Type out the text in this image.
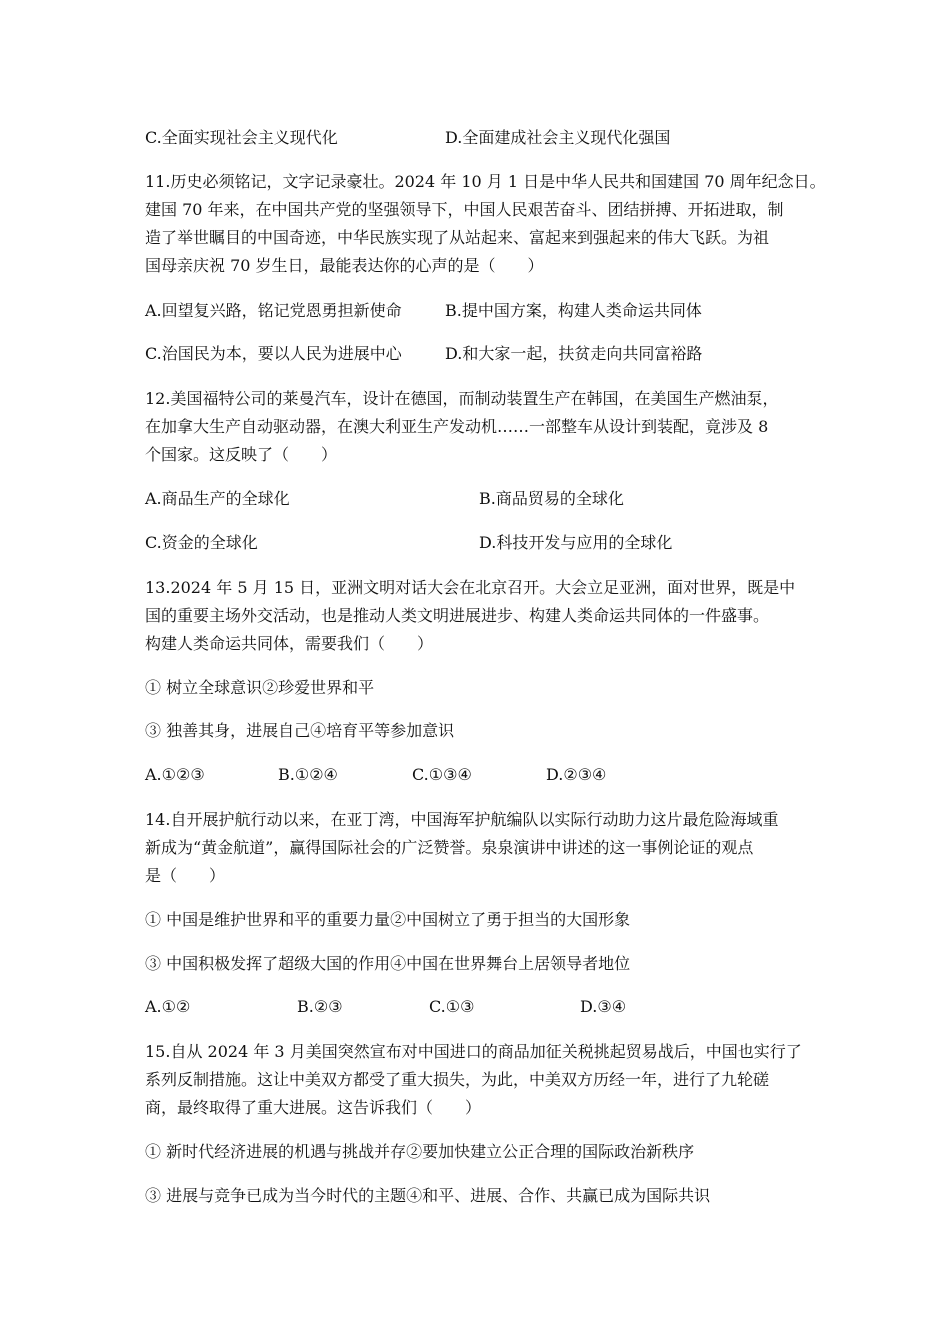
C.全面实现社会主义现代化	D.全面建成社会主义现代化强国
11.历史必须铭记，文字记录豪壮。2024 年 10 月 1 日是中华人民共和国建国 70 周年纪念日。
建国 70 年来，在中国共产党的坚强领导下，中国人民艰苦奋斗、团结拼搏、开拓进取，制
造了举世瞩目的中国奇迹，中华民族实现了从站起来、富起来到强起来的伟大飞跃。为祖
国母亲庆祝 70 岁生日，最能表达你的心声的是（　　）
A.回望复兴路，铭记党恩勇担新使命	B.提中国方案，构建人类命运共同体
C.治国民为本，要以人民为进展中心	D.和大家一起，扶贫走向共同富裕路
12.美国福特公司的莱曼汽车，设计在德国，而制动装置生产在韩国，在美国生产燃油泵，
在加拿大生产自动驱动器，在澳大利亚生产发动机……一部整车从设计到装配，竟涉及 8
个国家。这反映了（　　）
A.商品生产的全球化	B.商品贸易的全球化
C.资金的全球化	D.科技开发与应用的全球化
13.2024 年 5 月 15 日，亚洲文明对话大会在北京召开。大会立足亚洲，面对世界，既是中
国的重要主场外交活动，也是推动人类文明进展进步、构建人类命运共同体的一件盛事。
构建人类命运共同体，需要我们（　　）
① 树立全球意识②珍爱世界和平
③ 独善其身，进展自己④培育平等参加意识
A.①②③	B.①②④	C.①③④	D.②③④
14.自开展护航行动以来，在亚丁湾，中国海军护航编队以实际行动助力这片最危险海域重
新成为“黄金航道”，赢得国际社会的广泛赞誉。泉泉演讲中讲述的这一事例论证的观点
是（　　）
① 中国是维护世界和平的重要力量②中国树立了勇于担当的大国形象
③ 中国积极发挥了超级大国的作用④中国在世界舞台上居领导者地位
A.①②	B.②③	C.①③	D.③④
15.自从 2024 年 3 月美国突然宣布对中国进口的商品加征关税挑起贸易战后，中国也实行了
系列反制措施。这让中美双方都受了重大损失，为此，中美双方历经一年，进行了九轮磋
商，最终取得了重大进展。这告诉我们（　　）
① 新时代经济进展的机遇与挑战并存②要加快建立公正合理的国际政治新秩序
③ 进展与竞争已成为当今时代的主题④和平、进展、合作、共赢已成为国际共识
